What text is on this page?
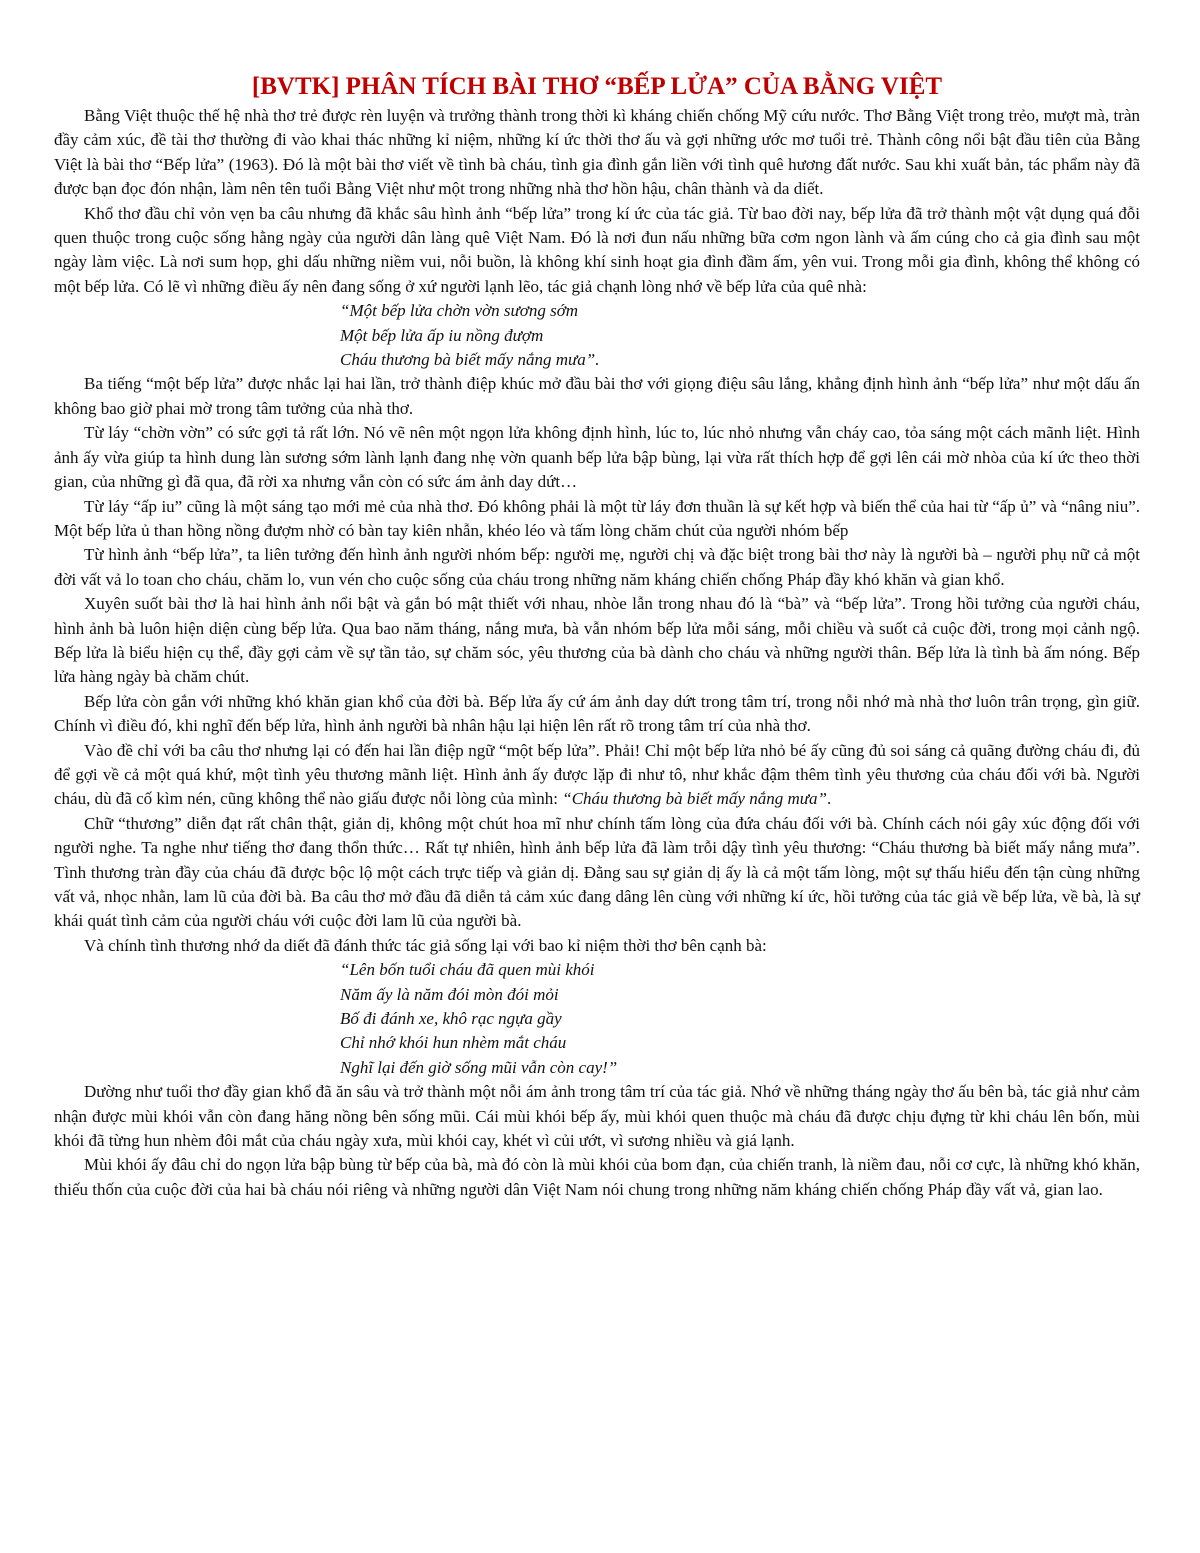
[BVTK] PHÂN TÍCH BÀI THƠ “BẾP LỬA” CỦA BẰNG VIỆT

Bằng Việt thuộc thế hệ nhà thơ trẻ được rèn luyện và trưởng thành trong thời kì kháng chiến chống Mỹ cứu nước. Thơ Bằng Việt trong trẻo, mượt mà, tràn đầy cảm xúc, đề tài thơ thường đi vào khai thác những kỉ niệm, những kí ức thời thơ ấu và gợi những ước mơ tuổi trẻ. Thành công nổi bật đầu tiên của Bằng Việt là bài thơ “Bếp lửa” (1963). Đó là một bài thơ viết về tình bà cháu, tình gia đình gắn liền với tình quê hương đất nước. Sau khi xuất bản, tác phẩm này đã được bạn đọc đón nhận, làm nên tên tuổi Bằng Việt như một trong những nhà thơ hồn hậu, chân thành và da diết.

Khổ thơ đầu chỉ vỏn vẹn ba câu nhưng đã khắc sâu hình ảnh “bếp lửa” trong kí ức của tác giả. Từ bao đời nay, bếp lửa đã trở thành một vật dụng quá đỗi quen thuộc trong cuộc sống hằng ngày của người dân làng quê Việt Nam. Đó là nơi đun nấu những bữa cơm ngon lành và ấm cúng cho cả gia đình sau một ngày làm việc. Là nơi sum họp, ghi dấu những niềm vui, nỗi buồn, là không khí sinh hoạt gia đình đầm ấm, yên vui. Trong mỗi gia đình, không thể không có một bếp lửa. Có lẽ vì những điều ấy nên đang sống ở xứ người lạnh lẽo, tác giả chạnh lòng nhớ về bếp lửa của quê nhà:

“Một bếp lửa chờn vờn sương sớm
Một bếp lửa ấp iu nồng đượm
Cháu thương bà biết mấy nắng mưa”.

Ba tiếng “một bếp lửa” được nhắc lại hai lần, trở thành điệp khúc mở đầu bài thơ với giọng điệu sâu lắng, khẳng định hình ảnh “bếp lửa” như một dấu ấn không bao giờ phai mờ trong tâm tưởng của nhà thơ.

Từ láy “chờn vờn” có sức gợi tả rất lớn. Nó vẽ nên một ngọn lửa không định hình, lúc to, lúc nhỏ nhưng vẫn cháy cao, tỏa sáng một cách mãnh liệt. Hình ảnh ấy vừa giúp ta hình dung làn sương sớm lành lạnh đang nhẹ vờn quanh bếp lửa bập bùng, lại vừa rất thích hợp để gợi lên cái mờ nhòa của kí ức theo thời gian, của những gì đã qua, đã rời xa nhưng vẫn còn có sức ám ảnh day dứt…

Từ láy “ấp iu” cũng là một sáng tạo mới mẻ của nhà thơ. Đó không phải là một từ láy đơn thuần là sự kết hợp và biến thể của hai từ “ấp ủ” và “nâng niu”. Một bếp lửa ủ than hồng nồng đượm nhờ có bàn tay kiên nhẫn, khéo léo và tấm lòng chăm chút của người nhóm bếp

Từ hình ảnh “bếp lửa”, ta liên tưởng đến hình ảnh người nhóm bếp: người mẹ, người chị và đặc biệt trong bài thơ này là người bà – người phụ nữ cả một đời vất vả lo toan cho cháu, chăm lo, vun vén cho cuộc sống của cháu trong những năm kháng chiến chống Pháp đầy khó khăn và gian khổ.

Xuyên suốt bài thơ là hai hình ảnh nổi bật và gắn bó mật thiết với nhau, nhòe lẫn trong nhau đó là “bà” và “bếp lửa”. Trong hồi tưởng của người cháu, hình ảnh bà luôn hiện diện cùng bếp lửa. Qua bao năm tháng, nắng mưa, bà vẫn nhóm bếp lửa mỗi sáng, mỗi chiều và suốt cả cuộc đời, trong mọi cảnh ngộ. Bếp lửa là biểu hiện cụ thể, đầy gợi cảm về sự tần tảo, sự chăm sóc, yêu thương của bà dành cho cháu và những người thân. Bếp lửa là tình bà ấm nóng. Bếp lửa hàng ngày bà chăm chút.

Bếp lửa còn gắn với những khó khăn gian khổ của đời bà. Bếp lửa ấy cứ ám ảnh day dứt trong tâm trí, trong nỗi nhớ mà nhà thơ luôn trân trọng, gìn giữ. Chính vì điều đó, khi nghĩ đến bếp lửa, hình ảnh người bà nhân hậu lại hiện lên rất rõ trong tâm trí của nhà thơ.

Vào đề chỉ với ba câu thơ nhưng lại có đến hai lần điệp ngữ “một bếp lửa”. Phải! Chỉ một bếp lửa nhỏ bé ấy cũng đủ soi sáng cả quãng đường cháu đi, đủ để gợi về cả một quá khứ, một tình yêu thương mãnh liệt. Hình ảnh ấy được lặp đi như tô, như khắc đậm thêm tình yêu thương của cháu đối với bà. Người cháu, dù đã cố kìm nén, cũng không thể nào giấu được nỗi lòng của mình: “Cháu thương bà biết mấy nắng mưa”.

Chữ “thương” diễn đạt rất chân thật, giản dị, không một chút hoa mĩ như chính tấm lòng của đứa cháu đối với bà. Chính cách nói gây xúc động đối với người nghe. Ta nghe như tiếng thơ đang thổn thức… Rất tự nhiên, hình ảnh bếp lửa đã làm trỗi dậy tình yêu thương: “Cháu thương bà biết mấy nắng mưa”. Tình thương tràn đầy của cháu đã được bộc lộ một cách trực tiếp và giản dị. Đằng sau sự giản dị ấy là cả một tấm lòng, một sự thấu hiểu đến tận cùng những vất vả, nhọc nhằn, lam lũ của đời bà. Ba câu thơ mở đầu đã diễn tả cảm xúc đang dâng lên cùng với những kí ức, hồi tưởng của tác giả về bếp lửa, về bà, là sự khái quát tình cảm của người cháu với cuộc đời lam lũ của người bà.

Và chính tình thương nhớ da diết đã đánh thức tác giả sống lại với bao kỉ niệm thời thơ bên cạnh bà:

“Lên bốn tuổi cháu đã quen mùi khói
Năm ấy là năm đói mòn đói mỏi
Bố đi đánh xe, khô rạc ngựa gầy
Chỉ nhớ khói hun nhèm mắt cháu
Nghĩ lại đến giờ sống mũi vẫn còn cay!”

Dường như tuổi thơ đầy gian khổ đã ăn sâu và trở thành một nỗi ám ảnh trong tâm trí của tác giả. Nhớ về những tháng ngày thơ ấu bên bà, tác giả như cảm nhận được mùi khói vẫn còn đang hăng nồng bên sống mũi. Cái mùi khói bếp ấy, mùi khói quen thuộc mà cháu đã được chịu đựng từ khi cháu lên bốn, mùi khói đã từng hun nhèm đôi mắt của cháu ngày xưa, mùi khói cay, khét vì củi ướt, vì sương nhiều và giá lạnh.

Mùi khói ấy đâu chỉ do ngọn lửa bập bùng từ bếp của bà, mà đó còn là mùi khói của bom đạn, của chiến tranh, là niềm đau, nỗi cơ cực, là những khó khăn, thiếu thốn của cuộc đời của hai bà cháu nói riêng và những người dân Việt Nam nói chung trong những năm kháng chiến chống Pháp đầy vất vả, gian lao.
